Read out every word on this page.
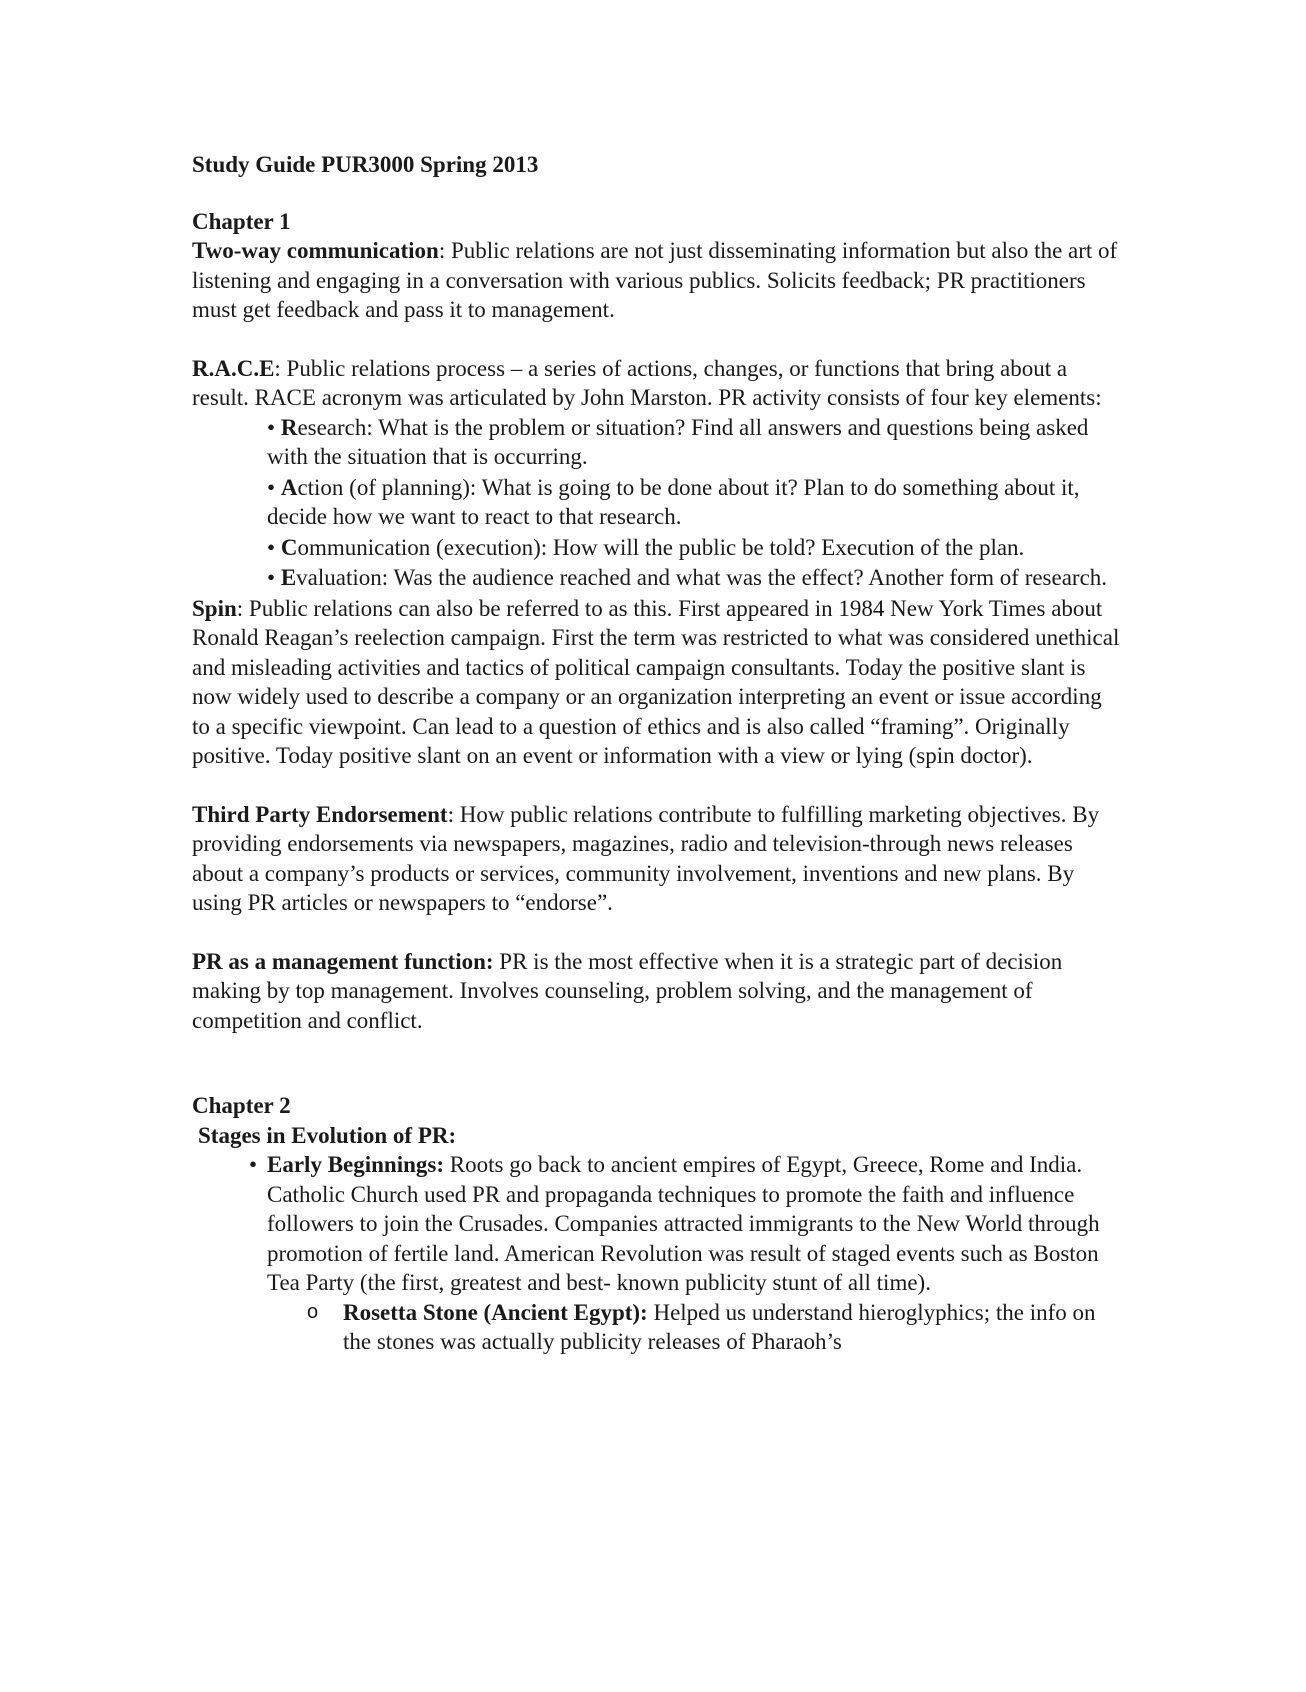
Study Guide PUR3000 Spring 2013

Chapter 1

Two-way communication: Public relations are not just disseminating information but also the art of listening and engaging in a conversation with various publics. Solicits feedback; PR practitioners must get feedback and pass it to management.

R.A.C.E: Public relations process – a series of actions, changes, or functions that bring about a result. RACE acronym was articulated by John Marston. PR activity consists of four key elements:

• Research: What is the problem or situation? Find all answers and questions being asked with the situation that is occurring.
• Action (of planning): What is going to be done about it? Plan to do something about it, decide how we want to react to that research.
• Communication (execution): How will the public be told? Execution of the plan.
• Evaluation: Was the audience reached and what was the effect? Another form of research.

Spin: Public relations can also be referred to as this. First appeared in 1984 New York Times about Ronald Reagan’s reelection campaign. First the term was restricted to what was considered unethical and misleading activities and tactics of political campaign consultants. Today the positive slant is now widely used to describe a company or an organization interpreting an event or issue according to a specific viewpoint. Can lead to a question of ethics and is also called “framing”. Originally positive. Today positive slant on an event or information with a view or lying (spin doctor).

Third Party Endorsement: How public relations contribute to fulfilling marketing objectives. By providing endorsements via newspapers, magazines, radio and television-through news releases about a company’s products or services, community involvement, inventions and new plans. By using PR articles or newspapers to “endorse”.

PR as a management function: PR is the most effective when it is a strategic part of decision making by top management. Involves counseling, problem solving, and the management of competition and conflict.

Chapter 2

Stages in Evolution of PR:

• Early Beginnings: Roots go back to ancient empires of Egypt, Greece, Rome and India. Catholic Church used PR and propaganda techniques to promote the faith and influence followers to join the Crusades. Companies attracted immigrants to the New World through promotion of fertile land. American Revolution was result of staged events such as Boston Tea Party (the first, greatest and best- known publicity stunt of all time).
o Rosetta Stone (Ancient Egypt): Helped us understand hieroglyphics; the info on the stones was actually publicity releases of Pharaoh’s
